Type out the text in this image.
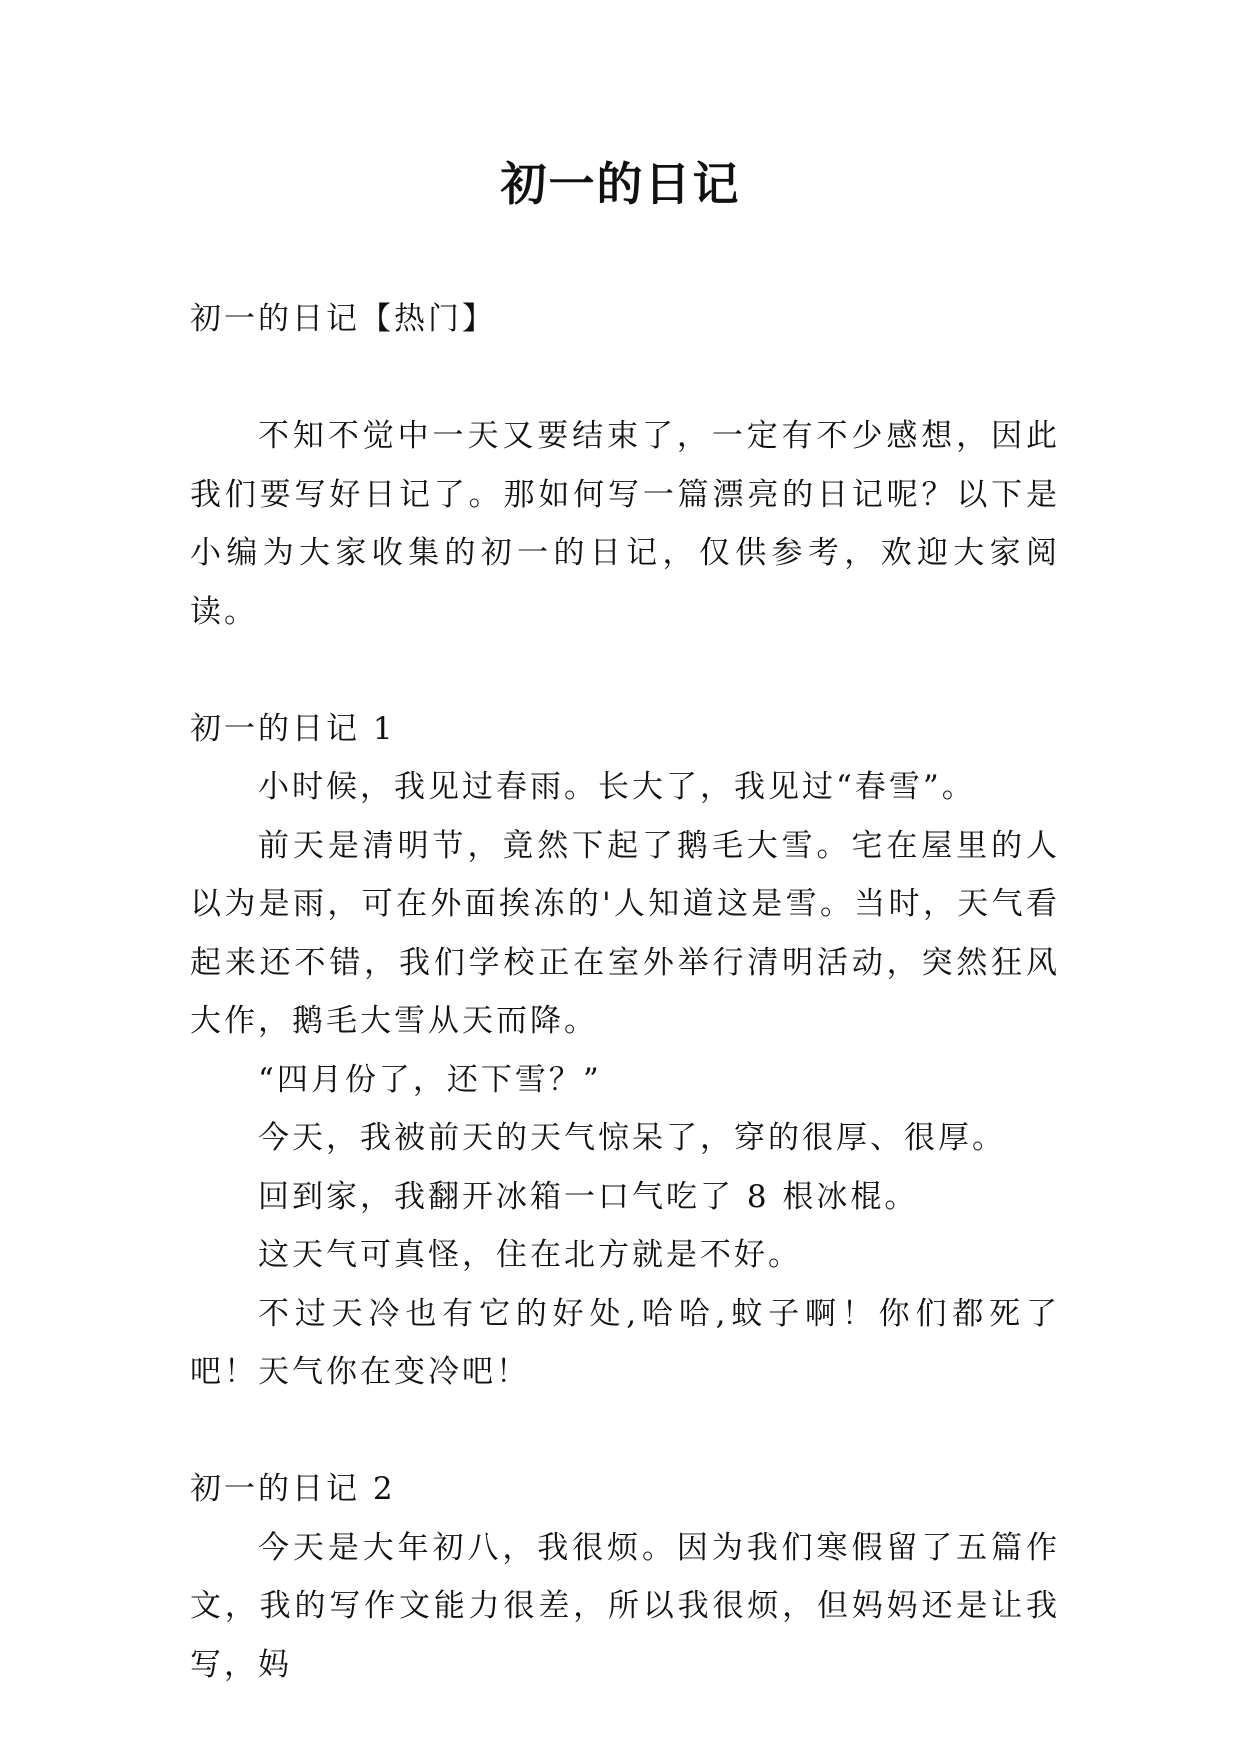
初一的日记

初一的日记【热门】

不知不觉中一天又要结束了，一定有不少感想，因此我们要写好日记了。那如何写一篇漂亮的日记呢？以下是小编为大家收集的初一的日记，仅供参考，欢迎大家阅读。

初一的日记 1

小时候，我见过春雨。长大了，我见过“春雪”。

前天是清明节，竟然下起了鹅毛大雪。宅在屋里的人以为是雨，可在外面挨冻的'人知道这是雪。当时，天气看起来还不错，我们学校正在室外举行清明活动，突然狂风大作，鹅毛大雪从天而降。

“四月份了，还下雪？”

今天，我被前天的天气惊呆了，穿的很厚、很厚。

回到家，我翻开冰箱一口气吃了 8 根冰棍。

这天气可真怪，住在北方就是不好。

不过天冷也有它的好处,哈哈,蚊子啊！你们都死了吧！天气你在变冷吧！

初一的日记 2

今天是大年初八，我很烦。因为我们寒假留了五篇作文，我的写作文能力很差，所以我很烦，但妈妈还是让我写，妈
